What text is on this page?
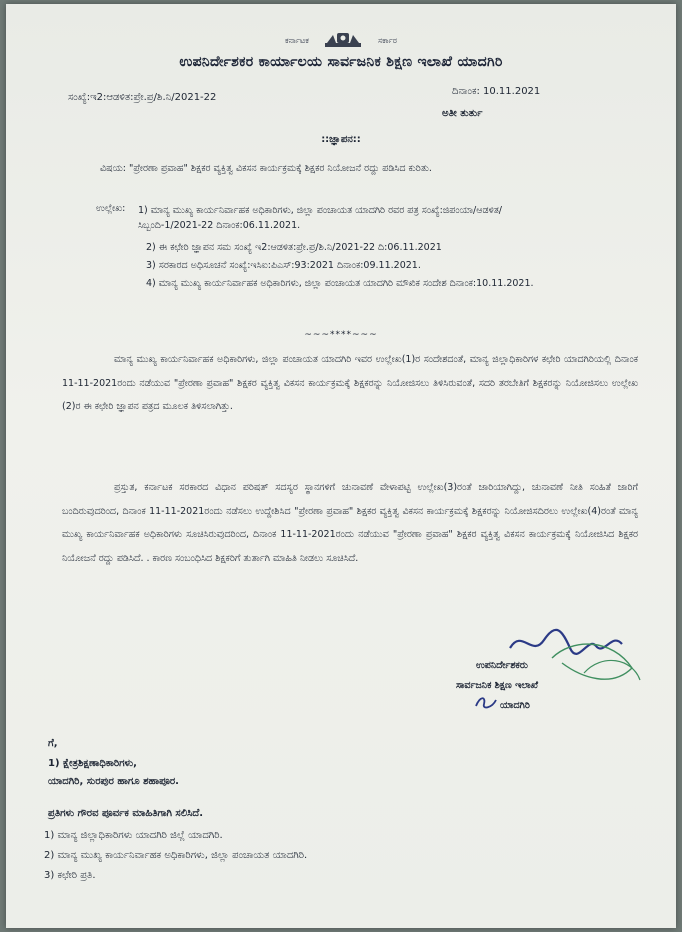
ಕರ್ನಾಟಕ	ಸರ್ಕಾರ
ಉಪನಿರ್ದೇಶಕರ ಕಾರ್ಯಾಲಯ ಸಾರ್ವಜನಿಕ ಶಿಕ್ಷಣ ಇಲಾಖೆ ಯಾದಗಿರಿ
ಸಂಖ್ಯೆ:ಇ2:ಆಡಳಿತ:ಪ್ರೇ.ಪ್ರ/ಶಿ.ನಿ/2021-22
ದಿನಾಂಕ: 10.11.2021
ಅತೀ ತುರ್ತು
::ಜ್ಞಾಪನ::
ವಿಷಯ: "ಪ್ರೇರಣಾ ಪ್ರವಾಹ" ಶಿಕ್ಷಕರ ವ್ಯಕ್ತಿತ್ವ ವಿಕಸನ ಕಾರ್ಯಕ್ರಮಕ್ಕೆ ಶಿಕ್ಷಕರ ನಿಯೋಜನೆ ರದ್ದು ಪಡಿಸಿದ ಕುರಿತು.
ಉಲ್ಲೇಖ: 1) ಮಾನ್ಯ ಮುಖ್ಯ ಕಾರ್ಯನಿರ್ವಾಹಕ ಅಧಿಕಾರಿಗಳು, ಜಿಲ್ಲಾ ಪಂಚಾಯತ ಯಾದಗಿರಿ ರವರ ಪತ್ರ ಸಂಖ್ಯೆ:ಜಿಪಂಯಾ/ಆಡಳಿತ/ಸಿಬ್ಬಂದಿ-1/2021-22 ದಿನಾಂಕ:06.11.2021.
2) ಈ ಕಛೇರಿ ಜ್ಞಾಪನ ಸಮ ಸಂಖ್ಯೆ ಇ2:ಆಡಳಿತ:ಪ್ರೇ.ಪ್ರ/ಶಿ.ನಿ/2021-22 ದಿ:06.11.2021
3) ಸರಕಾರದ ಅಧಿಸೂಚನೆ ಸಂಖ್ಯೆ:ಇಸಿಐ:ಪಿಎಸ್:93:2021 ದಿನಾಂಕ:09.11.2021.
4) ಮಾನ್ಯ ಮುಖ್ಯ ಕಾರ್ಯನಿರ್ವಾಹಕ ಅಧಿಕಾರಿಗಳು, ಜಿಲ್ಲಾ ಪಂಚಾಯತ ಯಾದಗಿರಿ ಮೌಖಿಕ ಸಂದೇಶ ದಿನಾಂಕ:10.11.2021.
~~~****~~~
ಮಾನ್ಯ ಮುಖ್ಯ ಕಾರ್ಯನಿರ್ವಾಹಕ ಅಧಿಕಾರಿಗಳು, ಜಿಲ್ಲಾ ಪಂಚಾಯತ ಯಾದಗಿರಿ ಇವರ ಉಲ್ಲೇಖ(1)ರ ಸಂದೇಶದಂತೆ, ಮಾನ್ಯ ಜಿಲ್ಲಾಧಿಕಾರಿಗಳ ಕಛೇರಿ ಯಾದಗಿರಿಯಲ್ಲಿ ದಿನಾಂಕ 11-11-2021ರಂದು ನಡೆಯುವ "ಪ್ರೇರಣಾ ಪ್ರವಾಹ" ಶಿಕ್ಷಕರ ವ್ಯಕ್ತಿತ್ವ ವಿಕಸನ ಕಾರ್ಯಕ್ರಮಕ್ಕೆ ಶಿಕ್ಷಕರನ್ನು ನಿಯೋಜಿಸಲು ತಿಳಿಸಿರುವಂತೆ, ಸದರಿ ತರಬೇತಿಗೆ ಶಿಕ್ಷಕರನ್ನು ನಿಯೋಜಿಸಲು ಉಲ್ಲೇಖ (2)ರ ಈ ಕಛೇರಿ ಜ್ಞಾಪನ ಪತ್ರದ ಮೂಲಕ ತಿಳಿಸಲಾಗಿತ್ತು.
ಪ್ರಸ್ತುತ, ಕರ್ನಾಟಕ ಸರಕಾರದ ವಿಧಾನ ಪರಿಷತ್ ಸದಸ್ಯರ ಸ್ಥಾನಗಳಿಗೆ ಚುನಾವಣೆ ವೇಳಾಪಟ್ಟಿ ಉಲ್ಲೇಖ(3)ರಂತೆ ಜಾರಿಯಾಗಿದ್ದು, ಚುನಾವಣೆ ನೀತಿ ಸಂಹಿತೆ ಜಾರಿಗೆ ಬಂದಿರುವುದರಿಂದ, ದಿನಾಂಕ 11-11-2021ರಂದು ನಡೆಸಲು ಉದ್ದೇಶಿಸಿದ "ಪ್ರೇರಣಾ ಪ್ರವಾಹ" ಶಿಕ್ಷಕರ ವ್ಯಕ್ತಿತ್ವ ವಿಕಸನ ಕಾರ್ಯಕ್ರಮಕ್ಕೆ ಶಿಕ್ಷಕರನ್ನು ನಿಯೋಜಿಸದಿರಲು ಉಲ್ಲೇಖ(4)ರಂತೆ ಮಾನ್ಯ ಮುಖ್ಯ ಕಾರ್ಯನಿರ್ವಾಹಕ ಅಧಿಕಾರಿಗಳು ಸೂಚಿಸಿರುವುದರಿಂದ, ದಿನಾಂಕ 11-11-2021ರಂದು ನಡೆಯುವ "ಪ್ರೇರಣಾ ಪ್ರವಾಹ" ಶಿಕ್ಷಕರ ವ್ಯಕ್ತಿತ್ವ ವಿಕಸನ ಕಾರ್ಯಕ್ರಮಕ್ಕೆ ನಿಯೋಜಿಸಿದ ಶಿಕ್ಷಕರ ನಿಯೋಜನೆ ರದ್ದು ಪಡಿಸಿದೆ. . ಕಾರಣ ಸಂಬಂಧಿಸಿದ ಶಿಕ್ಷಕರಿಗೆ ತುರ್ತಾಗಿ ಮಾಹಿತಿ ನೀಡಲು ಸೂಚಿಸಿದೆ.
ಉಪನಿರ್ದೇಶಕರು
ಸಾರ್ವಜನಿಕ ಶಿಕ್ಷಣ ಇಲಾಖೆ
ಯಾದಗಿರಿ
ಗೆ,
1) ಕ್ಷೇತ್ರಶಿಕ್ಷಣಾಧಿಕಾರಿಗಳು,
ಯಾದಗಿರಿ, ಸುರಪುರ ಹಾಗೂ ಶಹಾಪೂರ.
ಪ್ರತಿಗಳು ಗೌರವ ಪೂರ್ವಕ ಮಾಹಿತಿಗಾಗಿ ಸಲಿಸಿದೆ.
1) ಮಾನ್ಯ ಜಿಲ್ಲಾಧಿಕಾರಿಗಳು ಯಾದಗಿರಿ ಜಿಲ್ಲೆ ಯಾದಗಿರಿ.
2) ಮಾನ್ಯ ಮುಖ್ಯ ಕಾರ್ಯನಿರ್ವಾಹಕ ಅಧಿಕಾರಿಗಳು, ಜಿಲ್ಲಾ ಪಂಚಾಯತ ಯಾದಗಿರಿ.
3) ಕಛೇರಿ ಪ್ರತಿ.
